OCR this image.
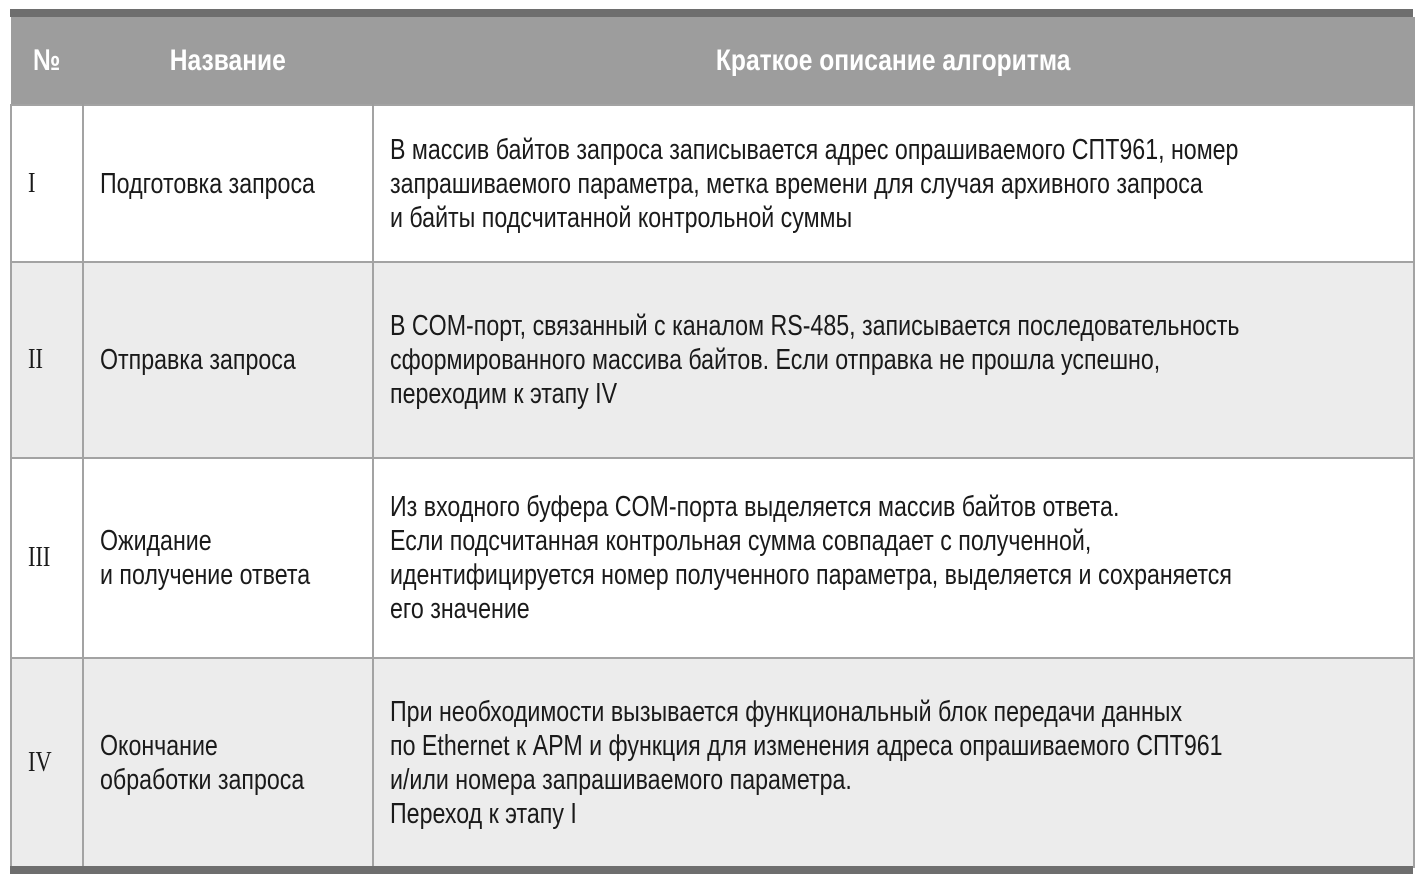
№	Название	Краткое описание алгоритма
I	Подготовка запроса	В массив байтов запроса записывается адрес опрашиваемого СПТ961, номер
запрашиваемого параметра, метка времени для случая архивного запроса
и байты подсчитанной контрольной суммы
II	Отправка запроса	В COM-порт, связанный с каналом RS-485, записывается последовательность
сформированного массива байтов. Если отправка не прошла успешно,
переходим к этапу IV
III	Ожидание
и получение ответа	Из входного буфера COM-порта выделяется массив байтов ответа.
Если подсчитанная контрольная сумма совпадает с полученной,
идентифицируется номер полученного параметра, выделяется и сохраняется
его значение
IV	Окончание
обработки запроса	При необходимости вызывается функциональный блок передачи данных
по Ethernet к АРМ и функция для изменения адреса опрашиваемого СПТ961
и/или номера запрашиваемого параметра.
Переход к этапу I
